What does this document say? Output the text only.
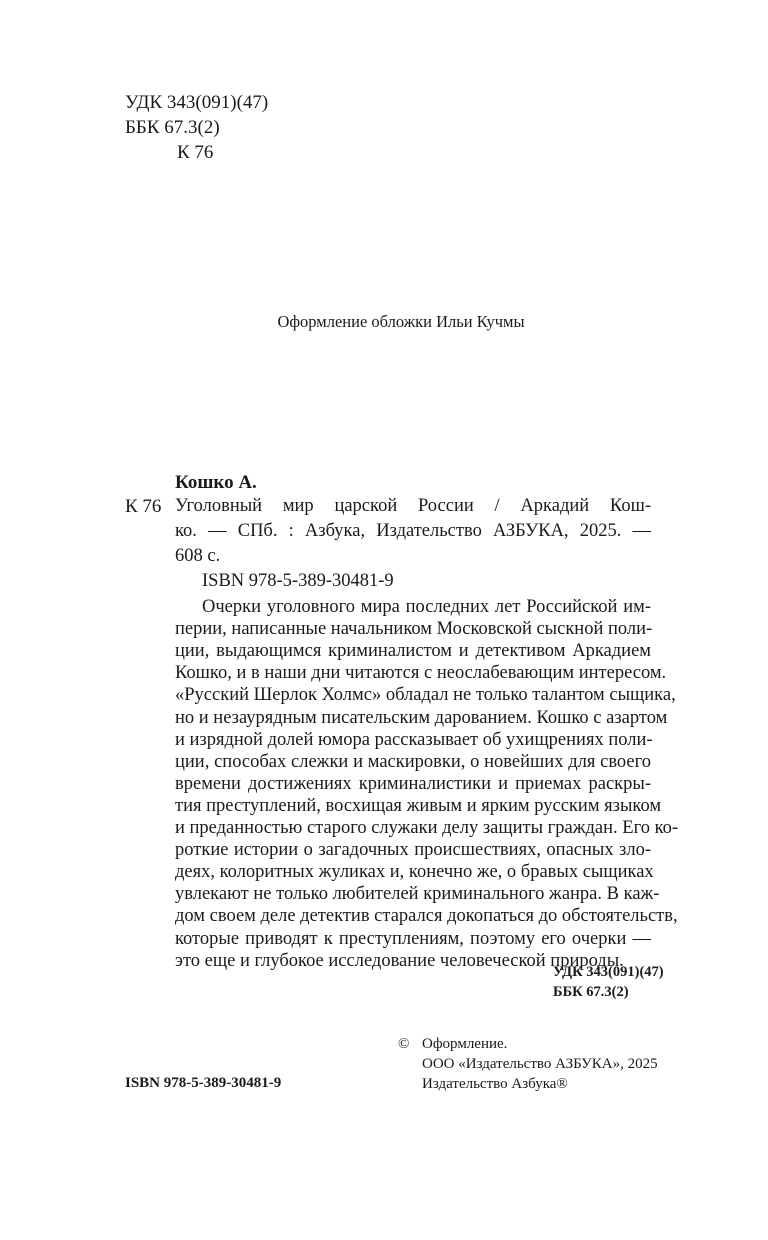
УДК 343(091)(47)
ББК 67.3(2)
К 76
Оформление обложки Ильи Кучмы
Кошко А.
К 76 Уголовный мир царской России / Аркадий Кош-
ко. — СПб. : Азбука, Издательство АЗБУКА, 2025. —
608 с.
ISBN 978-5-389-30481-9
Очерки уголовного мира последних лет Российской им-
перии, написанные начальником Московской сыскной поли-
ции, выдающимся криминалистом и детективом Аркадием
Кошко, и в наши дни читаются с неослабевающим интересом.
«Русский Шерлок Холмс» обладал не только талантом сыщика,
но и незаурядным писательским дарованием. Кошко с азартом
и изрядной долей юмора рассказывает об ухищрениях поли-
ции, способах слежки и маскировки, о новейших для своего
времени достижениях криминалистики и приемах раскры-
тия преступлений, восхищая живым и ярким русским языком
и преданностью старого служаки делу защиты граждан. Его ко-
роткие истории о загадочных происшествиях, опасных зло-
деях, колоритных жуликах и, конечно же, о бравых сыщиках
увлекают не только любителей криминального жанра. В каж-
дом своем деле детектив старался докопаться до обстоятельств,
которые приводят к преступлениям, поэтому его очерки —
это еще и глубокое исследование человеческой природы.
УДК 343(091)(47)
ББК 67.3(2)
© Оформление.
ООО «Издательство АЗБУКА», 2025
Издательство Азбука®
ISBN 978-5-389-30481-9
